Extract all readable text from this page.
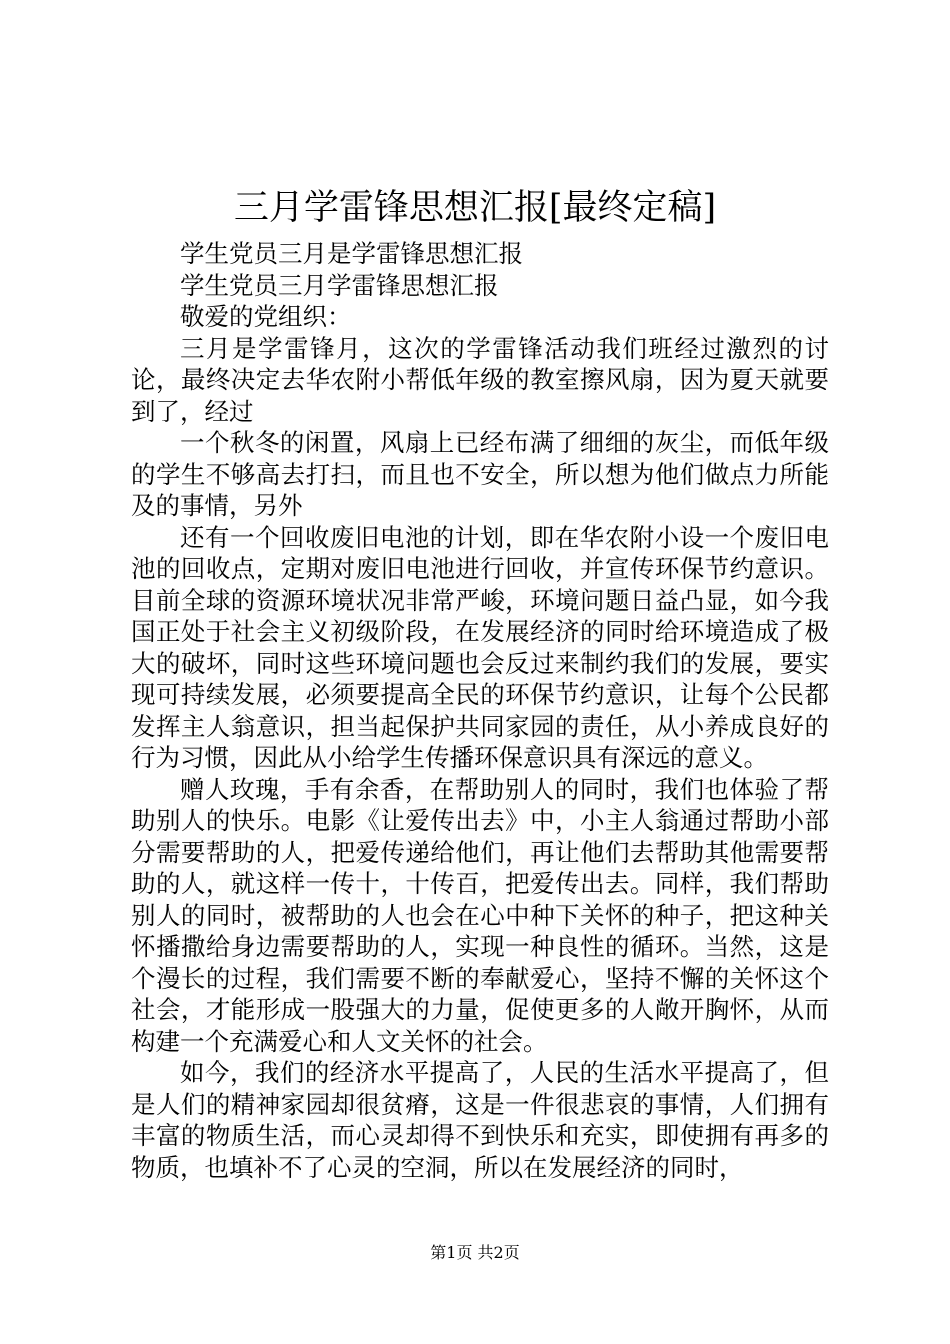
三月学雷锋思想汇报[最终定稿]

学生党员三月是学雷锋思想汇报

学生党员三月学雷锋思想汇报

敬爱的党组织：

三月是学雷锋月，这次的学雷锋活动我们班经过激烈的讨论，最终决定去华农附小帮低年级的教室擦风扇，因为夏天就要到了，经过

一个秋冬的闲置，风扇上已经布满了细细的灰尘，而低年级的学生不够高去打扫，而且也不安全，所以想为他们做点力所能及的事情，另外

还有一个回收废旧电池的计划，即在华农附小设一个废旧电池的回收点，定期对废旧电池进行回收，并宣传环保节约意识。目前全球的资源环境状况非常严峻，环境问题日益凸显，如今我国正处于社会主义初级阶段，在发展经济的同时给环境造成了极大的破坏，同时这些环境问题也会反过来制约我们的发展，要实现可持续发展，必须要提高全民的环保节约意识，让每个公民都发挥主人翁意识，担当起保护共同家园的责任，从小养成良好的行为习惯，因此从小给学生传播环保意识具有深远的意义。

赠人玫瑰，手有余香，在帮助别人的同时，我们也体验了帮助别人的快乐。电影《让爱传出去》中，小主人翁通过帮助小部分需要帮助的人，把爱传递给他们，再让他们去帮助其他需要帮助的人，就这样一传十，十传百，把爱传出去。同样，我们帮助别人的同时，被帮助的人也会在心中种下关怀的种子，把这种关怀播撒给身边需要帮助的人，实现一种良性的循环。当然，这是个漫长的过程，我们需要不断的奉献爱心，坚持不懈的关怀这个社会，才能形成一股强大的力量，促使更多的人敞开胸怀，从而构建一个充满爱心和人文关怀的社会。

如今，我们的经济水平提高了，人民的生活水平提高了，但是人们的精神家园却很贫瘠，这是一件很悲哀的事情，人们拥有丰富的物质生活，而心灵却得不到快乐和充实，即使拥有再多的物质，也填补不了心灵的空洞，所以在发展经济的同时，

第1页 共2页
